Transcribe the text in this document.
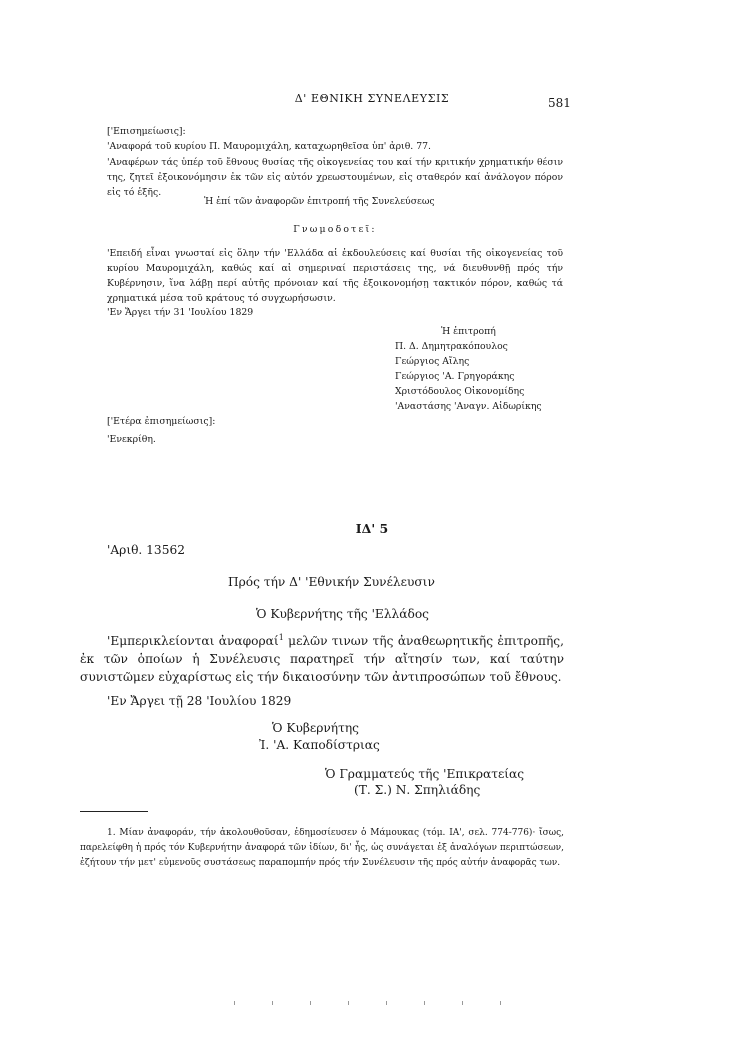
Δ' ΕΘΝΙΚΗ ΣΥΝΕΛΕΥΣΙΣ	581
['Επισημείωσις]:
'Αναφορά τοῦ κυρίου Π. Μαυρομιχάλη, καταχωρηθεῖσα ὑπ' ἀριθ. 77.
'Αναφέρων τάς ὑπέρ τοῦ ἔθνους θυσίας τῆς οἰκογενείας του καί τήν κριτικήν χρηματικήν θέσιν της, ζητεῖ ἐξοικονόμησιν ἐκ τῶν εἰς αὐτόν χρεωστουμένων, εἰς σταθερόν καί ἀνάλογον πόρον εἰς τό ἑξῆς.
Ἡ ἐπί τῶν ἀναφορῶν ἐπιτροπή τῆς Συνελεύσεως
Γνωμοδοτεῖ:
'Επειδή εἶναι γνωσταί εἰς ὅλην τήν 'Ελλάδα αἱ ἐκδουλεύσεις καί θυσίαι τῆς οἰκογενείας τοῦ κυρίου Μαυρομιχάλη, καθώς καί αἱ σημεριναί περιστάσεις της, νά διευθυνθῇ πρός τήν Κυβέρνησιν, ἵνα λάβῃ περί αὐτῆς πρόνοιαν καί τῆς ἐξοικονομήσῃ τακτικόν πόρον, καθώς τά χρηματικά μέσα τοῦ κράτους τό συγχωρήσωσιν.
'Εν Ἄργει τήν 31 'Ιουλίου 1829
Ἡ ἐπιτροπή
Π. Δ. Δημητρακόπουλος
Γεώργιος Αἴλης
Γεώργιος 'Α. Γρηγοράκης
Χριστόδουλος Οἰκονομίδης
'Αναστάσης 'Αναγν. Αἰδωρίκης
['Ετέρα ἐπισημείωσις]:
'Ενεκρίθη.
ΙΔ' 5
'Αριθ. 13562
Πρός τήν Δ' 'Εθνικήν Συνέλευσιν
Ὁ Κυβερνήτης τῆς 'Ελλάδος
'Εμπερικλείονται ἀναφοραί$^1$ μελῶν τινων τῆς ἀναθεωρητικῆς ἐπιτροπῆς, ἐκ τῶν ὁποίων ἡ Συνέλευσις παρατηρεῖ τήν αἴτησίν των, καί ταύτην συνιστῶμεν εὐχαρίστως εἰς τήν δικαιοσύνην τῶν ἀντιπροσώπων τοῦ ἔθνους.
'Εν Ἄργει τῇ 28 'Ιουλίου 1829
Ὁ Κυβερνήτης
Ἰ. 'Α. Καποδίστριας
Ὁ Γραμματεύς τῆς 'Επικρατείας
(Τ. Σ.) Ν. Σπηλιάδης
1. Μίαν ἀναφοράν, τήν ἀκολουθοῦσαν, ἐδημοσίευσεν ὁ Μάμουκας (τόμ. ΙΑ', σελ. 774-776)· ἴσως, παρελείφθη ἡ πρός τόν Κυβερνήτην ἀναφορά τῶν ἰδίων, δι' ἧς, ὡς συνάγεται ἐξ ἀναλόγων περιπτώσεων, ἐζήτουν τήν μετ' εὐμενοῦς συστάσεως παραπομπήν πρός τήν Συνέλευσιν τῆς πρός αὐτήν ἀναφορᾶς των.
